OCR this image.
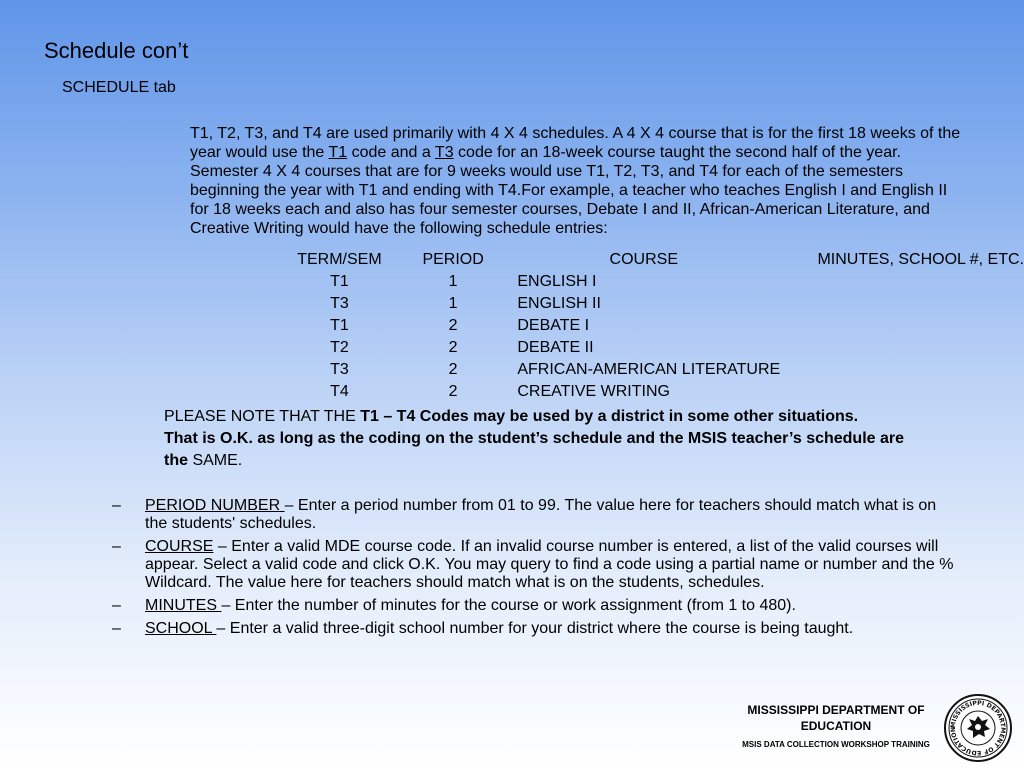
Schedule con’t
SCHEDULE tab
T1, T2, T3, and T4 are used primarily with 4 X 4 schedules. A 4 X 4 course that is for the first 18 weeks of the year would use the T1 code and a T3 code for an 18-week course taught the second half of the year. Semester 4 X 4 courses that are for 9 weeks would use T1, T2, T3, and T4 for each of the semesters beginning the year with T1 and ending with T4.For example, a teacher who teaches English I and English II for 18 weeks each and also has four semester courses, Debate I and II, African-American Literature, and Creative Writing would have the following schedule entries:
TERM/SEM	PERIOD	COURSE	MINUTES, SCHOOL #, ETC.
T1	1	ENGLISH I	
T3	1	ENGLISH II	
T1	2	DEBATE I	
T2	2	DEBATE II	
T3	2	AFRICAN-AMERICAN LITERATURE	
T4	2	CREATIVE WRITING	
PLEASE NOTE THAT THE T1 – T4 Codes may be used by a district in some other situations.
That is O.K. as long as the coding on the student’s schedule and the MSIS teacher’s schedule are the SAME.
– PERIOD NUMBER – Enter a period number from 01 to 99. The value here for teachers should match what is on the students' schedules.
– COURSE – Enter a valid MDE course code. If an invalid course number is entered, a list of the valid courses will appear. Select a valid code and click O.K. You may query to find a code using a partial name or number and the % Wildcard. The value here for teachers should match what is on the students, schedules.
– MINUTES – Enter the number of minutes for the course or work assignment (from 1 to 480).
– SCHOOL – Enter a valid three-digit school number for your district where the course is being taught.
MISSISSIPPI DEPARTMENT OF EDUCATION
MSIS DATA COLLECTION WORKSHOP TRAINING
MISSISSIPPI DEPARTMENT OF EDUCATION
